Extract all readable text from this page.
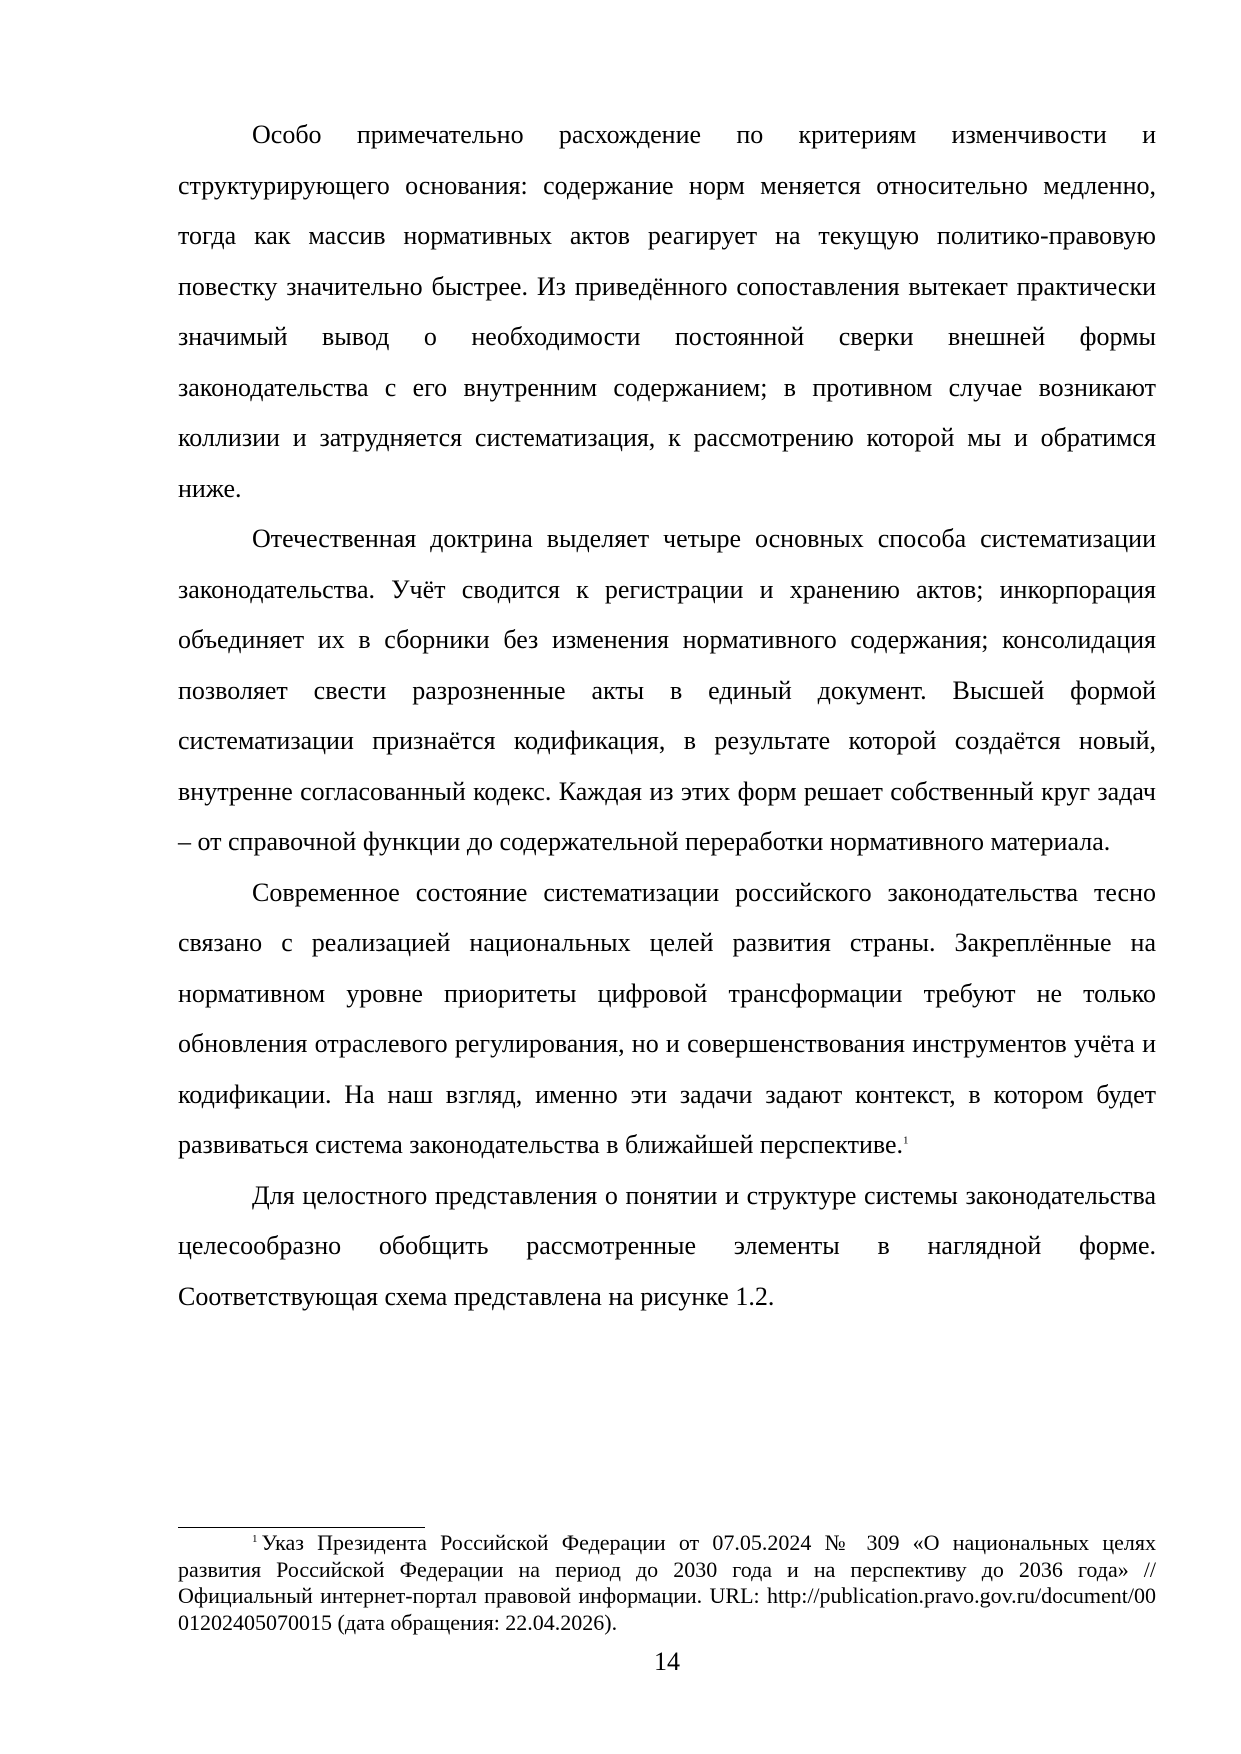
Особо примечательно расхождение по критериям изменчивости и структурирующего основания: содержание норм меняется относительно медленно, тогда как массив нормативных актов реагирует на текущую политико-правовую повестку значительно быстрее. Из приведённого сопоставления вытекает практически значимый вывод о необходимости постоянной сверки внешней формы законодательства с его внутренним содержанием; в противном случае возникают коллизии и затрудняется систематизация, к рассмотрению которой мы и обратимся ниже.

Отечественная доктрина выделяет четыре основных способа систематизации законодательства. Учёт сводится к регистрации и хранению актов; инкорпорация объединяет их в сборники без изменения нормативного содержания; консолидация позволяет свести разрозненные акты в единый документ. Высшей формой систематизации признаётся кодификация, в результате которой создаётся новый, внутренне согласованный кодекс. Каждая из этих форм решает собственный круг задач – от справочной функции до содержательной переработки нормативного материала.

Современное состояние систематизации российского законодательства тесно связано с реализацией национальных целей развития страны. Закреплённые на нормативном уровне приоритеты цифровой трансформации требуют не только обновления отраслевого регулирования, но и совершенствования инструментов учёта и кодификации. На наш взгляд, именно эти задачи задают контекст, в котором будет развиваться система законодательства в ближайшей перспективе.$^1$

Для целостного представления о понятии и структуре системы законодательства целесообразно обобщить рассмотренные элементы в наглядной форме. Соответствующая схема представлена на рисунке 1.2.

$^1$ Указ Президента Российской Федерации от 07.05.2024 № 309 «О национальных целях развития Российской Федерации на период до 2030 года и на перспективу до 2036 года» // Официальный интернет-портал правовой информации. URL: http://publication.pravo.gov.ru/document/0001202405070015 (дата обращения: 22.04.2026).

14
